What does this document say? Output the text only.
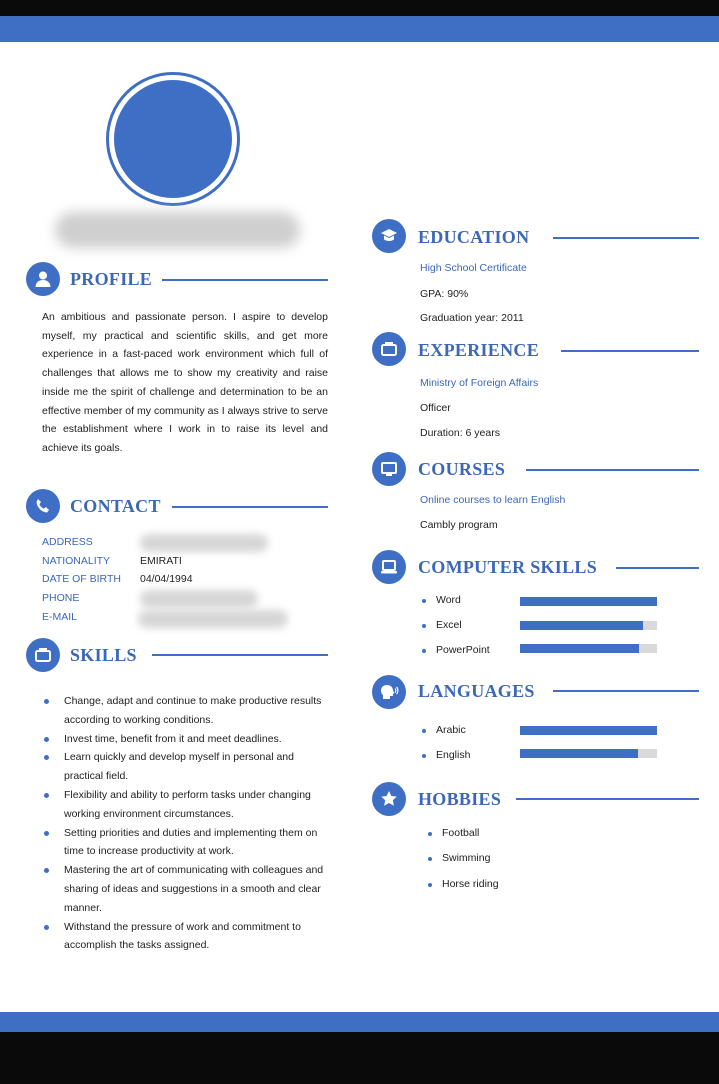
PROFILE
An ambitious and passionate person. I aspire to develop myself, my practical and scientific skills, and get more experience in a fast-paced work environment which full of challenges that allows me to show my creativity and raise inside me the spirit of challenge and determination to be an effective member of my community as I always strive to serve the establishment where I work in to raise its level and achieve its goals.
CONTACT
ADDRESS
NATIONALITY	EMIRATI
DATE OF BIRTH 04/04/1994
PHONE
E-MAIL
SKILLS
Change, adapt and continue to make productive results according to working conditions.
Invest time, benefit from it and meet deadlines.
Learn quickly and develop myself in personal and practical field.
Flexibility and ability to perform tasks under changing working environment circumstances.
Setting priorities and duties and implementing them on time to increase productivity at work.
Mastering the art of communicating with colleagues and sharing of ideas and suggestions in a smooth and clear manner.
Withstand the pressure of work and commitment to accomplish the tasks assigned.
EDUCATION
High School Certificate
GPA: 90%
Graduation year: 2011
EXPERIENCE
Ministry of Foreign Affairs
Officer
Duration: 6 years
COURSES
Online courses to learn English
Cambly program
COMPUTER SKILLS
Word
Excel
PowerPoint
LANGUAGES
Arabic
English
HOBBIES
Football
Swimming
Horse riding
